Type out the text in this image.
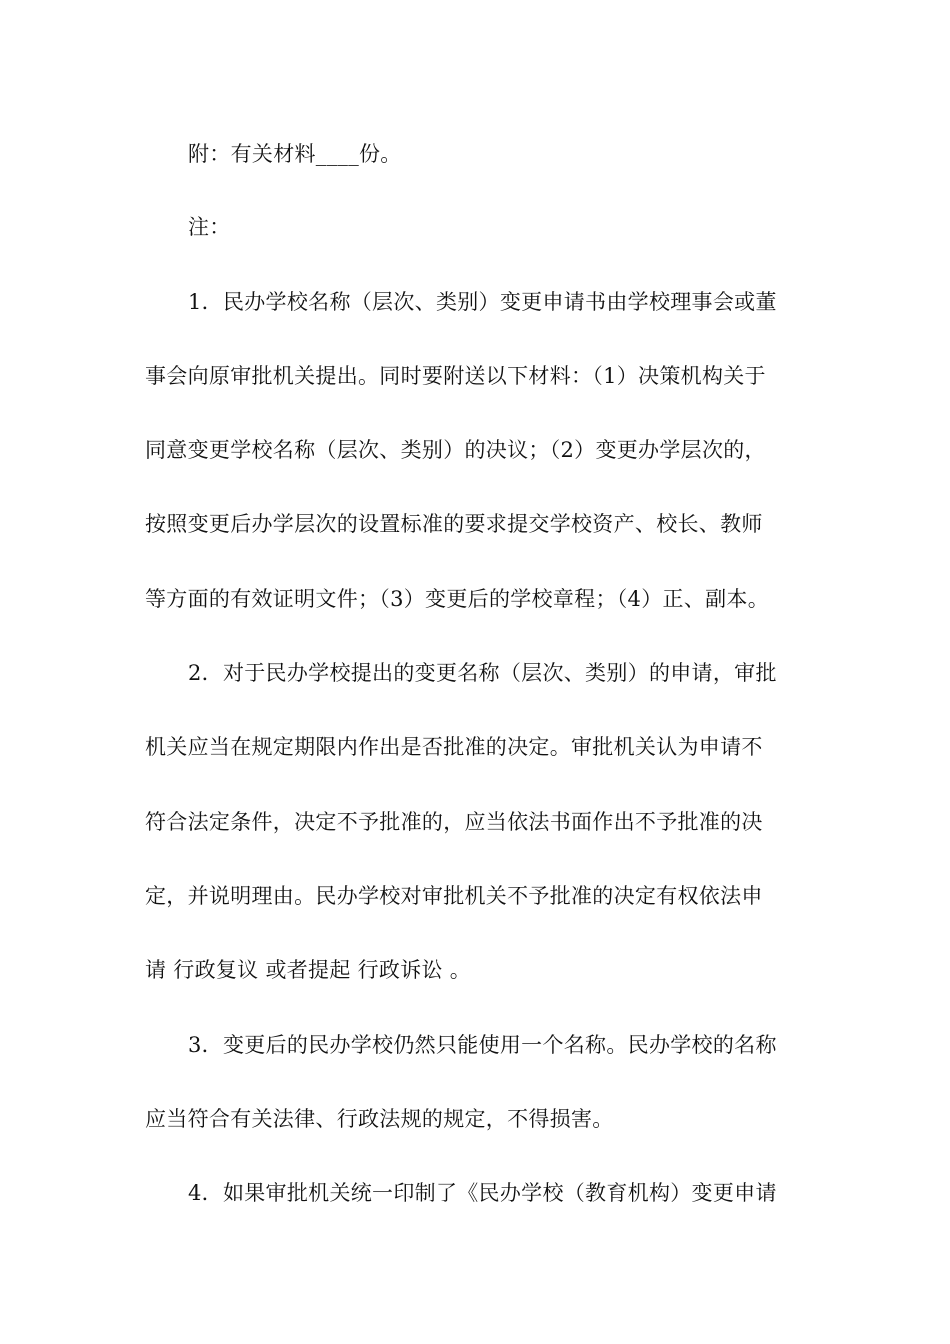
附：有关材料____份。
注：
1．民办学校名称（层次、类别）变更申请书由学校理事会或董
事会向原审批机关提出。同时要附送以下材料：（1）决策机构关于
同意变更学校名称（层次、类别）的决议；（2）变更办学层次的，
按照变更后办学层次的设置标准的要求提交学校资产、校长、教师
等方面的有效证明文件；（3）变更后的学校章程；（4）正、副本。
2．对于民办学校提出的变更名称（层次、类别）的申请，审批
机关应当在规定期限内作出是否批准的决定。审批机关认为申请不
符合法定条件，决定不予批准的，应当依法书面作出不予批准的决
定，并说明理由。民办学校对审批机关不予批准的决定有权依法申
请 行政复议 或者提起 行政诉讼 。
3．变更后的民办学校仍然只能使用一个名称。民办学校的名称
应当符合有关法律、行政法规的规定，不得损害。
4．如果审批机关统一印制了《民办学校（教育机构）变更申请
